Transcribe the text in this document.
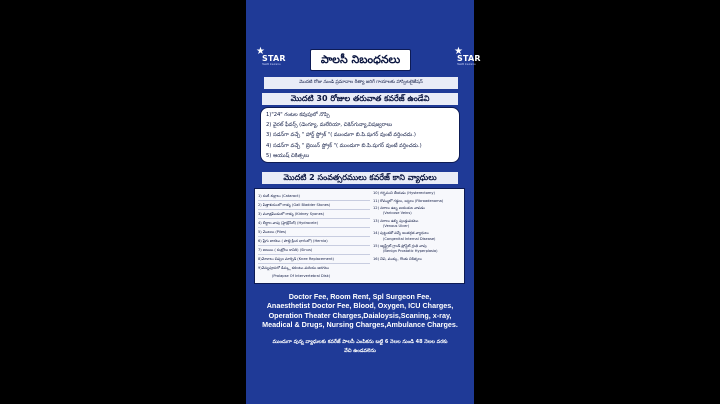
★
STAR
Health Insurance
★
STAR
Health Insurance
పాలసీ నిబంధనలు
మొదటి రోజు నుండి ప్రమాదాల రీత్యా జరిగే గాయాలకు హాస్పిటలైజేషన్
మొదటి 30 రోజుల తరువాత కవరేజ్ ఉండేవి
1)"24" గంటల కవుపులో నొప్పి
2) వైరల్ ఫీవర్స్ (డెంగ్యూ, మలేరియా, చికెన్‌గున్యా,విషజ్వరాలు
3) సడన్‌గా వచ్చే " హార్ట్ స్ట్రోక్ "( ముందుగా బి.పి.షుగర్ వుంటే వర్తించదు.)
4) సడన్‌గా వచ్చే " బ్రెయిన్ స్ట్రోక్ "( ముందుగా బి.పి.షుగర్ వుంటే వర్తించదు.)
5) ఆయుష్ చికిత్సలు
మొదటి 2 సంవత్సరములు కవరేజ్ కాని వ్యాధులు
1) కంటి శుక్లాలు (Cataract)
2) పిత్తాశయంలో రాళ్ళు (Gall Bladder Stones)
3) మూత్రపిండంలో రాళ్ళు (Kidney Syones)
4) బీర్జాల వాపు (హైడ్రోసిల్) (Hydrocele)
5) మొలలు (Piles)
6) ప్రేగు జారటం ( పొత్తి క్రింద భాగంలో) (Hernia)
7) జలుబు ( కంట్రోలు కానిది) (Sinus)
8)మోకాలు చిప్పల మార్పిడి (Knee Replacement)
9)వెన్నుపూసలో డిస్క్లు కదలటం మరియు అరగటం
(Prolapse Of Intervertebral Disk)
10) గర్భసంచి తీయడం (Hysterectomy)
11) రొమ్ములో గడ్డలు, బట్టలు (Fibroadenoma)
12) నరాలు ఉబ్బ ఐయుకుల వాపడం
(Varicose Veins)
13) నరాలు ఉబ్బి పుండ్లుపడటం
(Venous Ulcer)
14) పుట్టుకతో వచ్చే అంతర్గత వ్యాధులు
(Congenital Internal Disease)
15) ఆ్యస్ట్రేట్ గ్లాండ్ ప్రోస్టేట్ గ్రంథి వాపు
(Benign Prostatic Hyperplasia)
16) చెవి, ముక్కు, గొంతు చికిత్సలు
Doctor Fee, Room Rent, Spl Surgeon Fee,
Anaesthetist Doctor Fee, Blood, Oxygen, ICU Charges,
Operation Theater Charges,Daialoysis,Scaning, x-ray,
Meadical & Drugs, Nursing Charges,Ambulance Charges.
ముందుగా వున్న వ్యాధులకు కవరేజ్ పాలసీ ఎంపికను బట్టి 6 నెలల నుండి 48 నెలల వరకు
వేచి ఉండవలెను
